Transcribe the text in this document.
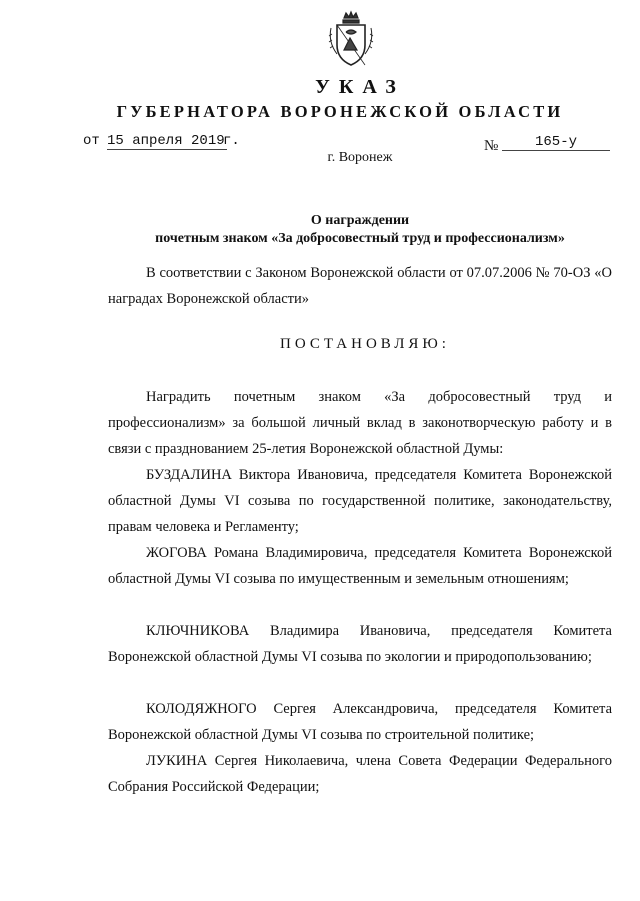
УКАЗ
ГУБЕРНАТОРА ВОРОНЕЖСКОЙ ОБЛАСТИ
от 15 апреля 2019
г.	№	165-у
г. Воронеж
О награждении
почетным знаком «За добросовестный труд и профессионализм»
В соответствии с Законом Воронежской области от 07.07.2006 № 70-ОЗ «О наградах Воронежской области»
ПОСТАНОВЛЯЮ:
Наградить почетным знаком «За добросовестный труд и профессионализм» за большой личный вклад в законотворческую работу и в связи с празднованием 25-летия Воронежской областной Думы:
БУЗДАЛИНА Виктора Ивановича, председателя Комитета Воронежской областной Думы VI созыва по государственной политике, законодательству, правам человека и Регламенту;
ЖОГОВА Романа Владимировича, председателя Комитета Воронежской областной Думы VI созыва по имущественным и земельным отношениям;
КЛЮЧНИКОВА Владимира Ивановича, председателя Комитета Воронежской областной Думы VI созыва по экологии и природопользованию;
КОЛОДЯЖНОГО Сергея Александровича, председателя Комитета Воронежской областной Думы VI созыва по строительной политике;
ЛУКИНА Сергея Николаевича, члена Совета Федерации Федерального Собрания Российской Федерации;
